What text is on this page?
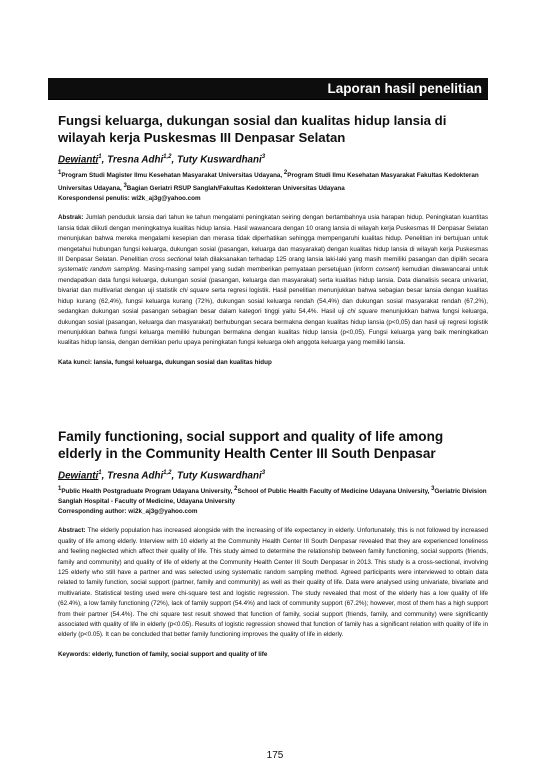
Laporan hasil penelitian
Fungsi keluarga, dukungan sosial dan kualitas hidup lansia di wilayah kerja Puskesmas III Denpasar Selatan
Dewianti$^1$, Tresna Adhi$^{1,2}$, Tuty Kuswardhani$^3$
$^1$Program Studi Magister Ilmu Kesehatan Masyarakat Universitas Udayana, $^2$Program Studi Ilmu Kesehatan Masyarakat Fakultas Kedokteran Universitas Udayana, $^3$Bagian Geriatri RSUP Sanglah/Fakultas Kedokteran Universitas Udayana
Korespondensi penulis: wi2k_aj3g@yahoo.com
Abstrak: Jumlah penduduk lansia dari tahun ke tahun mengalami peningkatan seiring dengan bertambahnya usia harapan hidup. Peningkatan kuantitas lansia tidak diikuti dengan meningkatnya kualitas hidup lansia. Hasil wawancara dengan 10 orang lansia di wilayah kerja Puskesmas III Denpasar Selatan menunjukan bahwa mereka mengalami kesepian dan merasa tidak diperhatikan sehingga mempengaruhi kualitas hidup. Penelitian ini bertujuan untuk mengetahui hubungan fungsi keluarga, dukungan sosial (pasangan, keluarga dan masyarakat) dengan kualitas hidup lansia di wilayah kerja Puskesmas III Denpasar Selatan. Penelitian cross sectional telah dilaksanakan terhadap 125 orang lansia laki-laki yang masih memiliki pasangan dan dipilih secara systematic random sampling. Masing-masing sampel yang sudah memberikan pernyataan persetujuan (inform consent) kemudian diwawancarai untuk mendapatkan data fungsi keluarga, dukungan sosial (pasangan, keluarga dan masyarakat) serta kualitas hidup lansia. Data dianalisis secara univariat, bivariat dan multivariat dengan uji statistik chi square serta regresi logistik. Hasil penelitian menunjukkan bahwa sebagian besar lansia dengan kualitas hidup kurang (62,4%), fungsi keluarga kurang (72%), dukungan sosial keluarga rendah (54,4%) dan dukungan sosial masyarakat rendah (67,2%), sedangkan dukungan sosial pasangan sebagian besar dalam kategori tinggi yaitu 54,4%. Hasil uji chi square menunjukkan bahwa fungsi keluarga, dukungan sosial (pasangan, keluarga dan masyarakat) berhubungan secara bermakna dengan kualitas hidup lansia (p<0,05) dan hasil uji regresi logistik menunjukkan bahwa fungsi keluarga memiliki hubungan bermakna dengan kualitas hidup lansia (p<0,05). Fungsi keluarga yang baik meningkatkan kualitas hidup lansia, dengan demikian perlu upaya peningkatan fungsi keluarga oleh anggota keluarga yang memiliki lansia.
Kata kunci: lansia, fungsi keluarga, dukungan sosial dan kualitas hidup
Family functioning, social support and quality of life among elderly in the Community Health Center III South Denpasar
Dewianti$^1$, Tresna Adhi$^{1,2}$, Tuty Kuswardhani$^3$
$^1$Public Health Postgraduate Program Udayana University, $^2$School of Public Health Faculty of Medicine Udayana University, $^3$Geriatric Division Sanglah Hospital - Faculty of Medicine, Udayana University
Corresponding author: wi2k_aj3g@yahoo.com
Abstract: The elderly population has increased alongside with the increasing of life expectancy in elderly. Unfortunately, this is not followed by increased quality of life among elderly. Interview with 10 elderly at the Community Health Center III South Denpasar revealed that they are experienced loneliness and feeling neglected which affect their quality of life. This study aimed to determine the relationship between family functioning, social supports (friends, family and community) and quality of life of elderly at the Community Health Center III South Denpasar in 2013. This study is a cross-sectional, involving 125 elderly who still have a partner and was selected using systematic random sampling method. Agreed participants were interviewed to obtain data related to family function, social support (partner, family and community) as well as their quality of life. Data were analysed using univariate, bivariate and multivariate. Statistical testing used were chi-square test and logistic regression. The study revealed that most of the elderly has a low quality of life (62.4%), a low family functioning (72%), lack of family support (54.4%) and lack of community support (67.2%); however, most of them has a high support from their partner (54.4%). The chi square test result showed that function of family, social support (friends, family, and community) were significantly associated with quality of life in elderly (p<0.05). Results of logistic regression showed that function of family has a significant relation with quality of life in elderly (p<0.05). It can be concluded that better family functioning improves the quality of life in elderly.
Keywords: elderly, function of family, social support and quality of life
175
